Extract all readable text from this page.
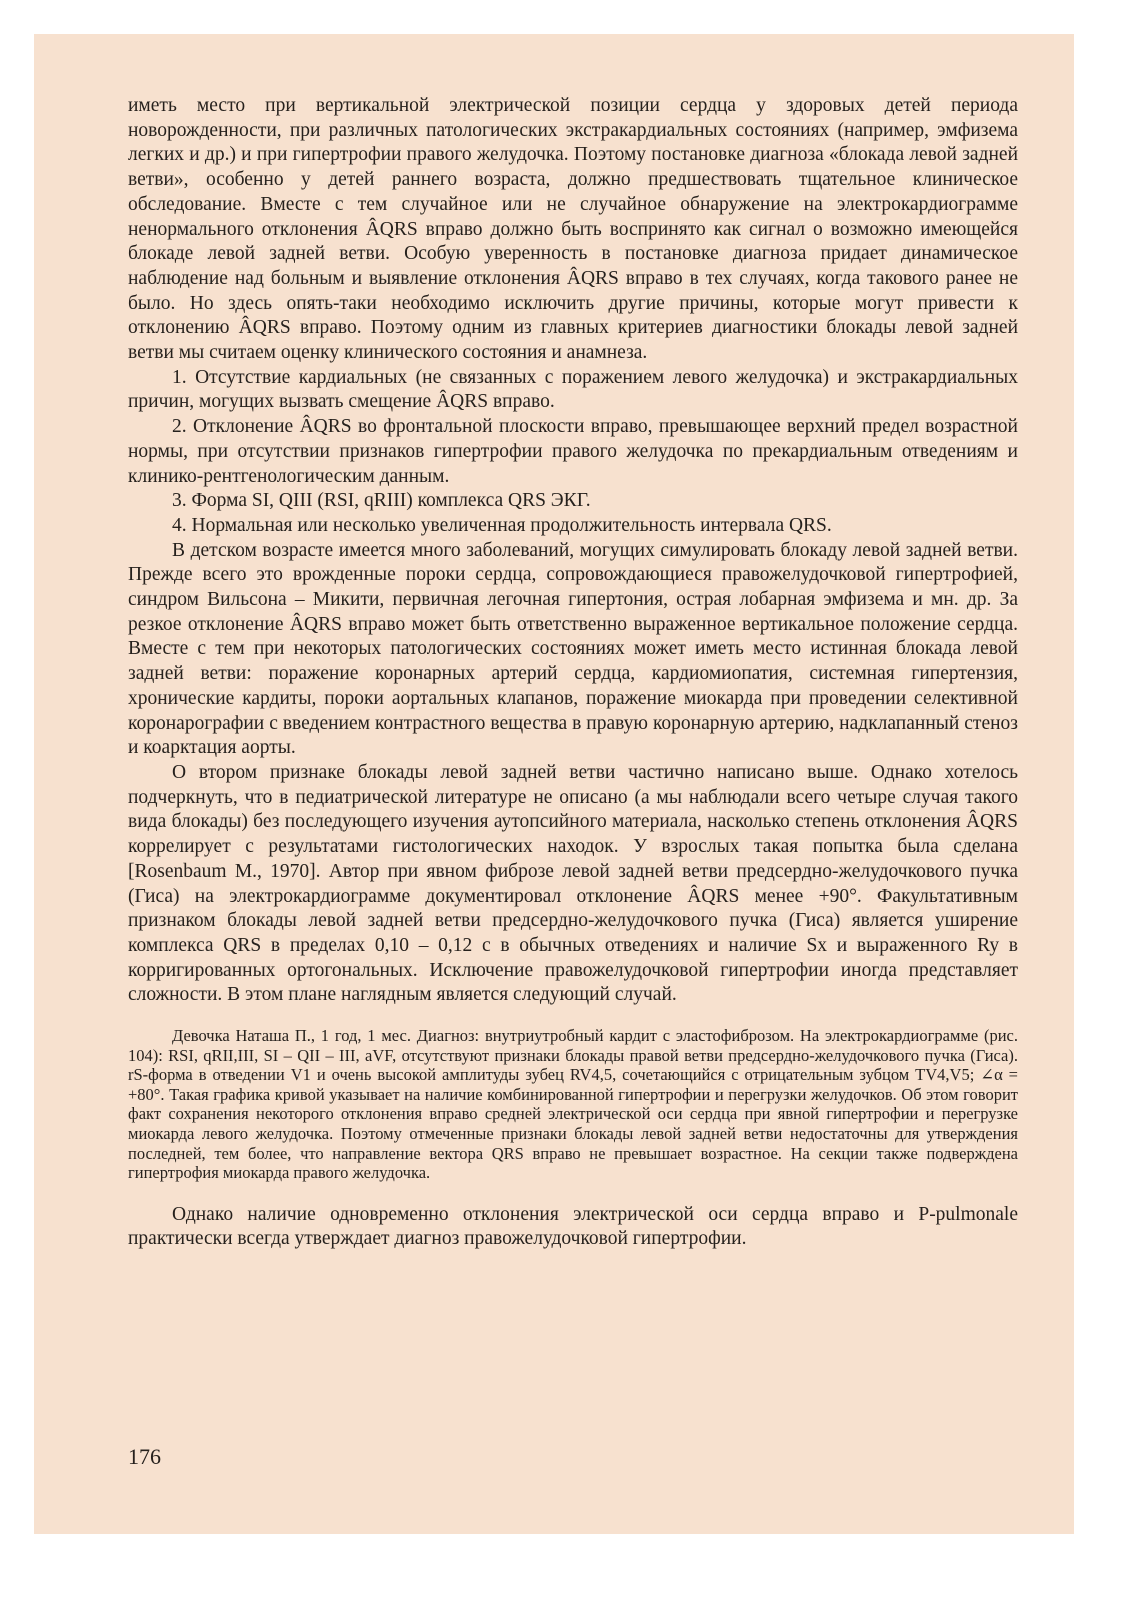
иметь место при вертикальной электрической позиции сердца у здоровых детей периода новорожденности, при различных патологических экстракардиальных состояниях (например, эмфизема легких и др.) и при гипертрофии правого желудочка. Поэтому постановке диагноза «блокада левой задней ветви», особенно у детей раннего возраста, должно предшествовать тщательное клиническое обследование. Вместе с тем случайное или не случайное обнаружение на электрокардиограмме ненормального отклонения ÂQRS вправо должно быть воспринято как сигнал о возможно имеющейся блокаде левой задней ветви. Особую уверенность в постановке диагноза придает динамическое наблюдение над больным и выявление отклонения ÂQRS вправо в тех случаях, когда такового ранее не было. Но здесь опять-таки необходимо исключить другие причины, которые могут привести к отклонению ÂQRS вправо. Поэтому одним из главных критериев диагностики блокады левой задней ветви мы считаем оценку клинического состояния и анамнеза.

1. Отсутствие кардиальных (не связанных с поражением левого желудочка) и экстракардиальных причин, могущих вызвать смещение ÂQRS вправо.

2. Отклонение ÂQRS во фронтальной плоскости вправо, превышающее верхний предел возрастной нормы, при отсутствии признаков гипертрофии правого желудочка по прекардиальным отведениям и клинико-рентгенологическим данным.

3. Форма SI, QIII (RSI, qRIII) комплекса QRS ЭКГ.

4. Нормальная или несколько увеличенная продолжительность интервала QRS.

В детском возрасте имеется много заболеваний, могущих симулировать блокаду левой задней ветви. Прежде всего это врожденные пороки сердца, сопровождающиеся правожелудочковой гипертрофией, синдром Вильсона – Микити, первичная легочная гипертония, острая лобарная эмфизема и мн. др. За резкое отклонение ÂQRS вправо может быть ответственно выраженное вертикальное положение сердца. Вместе с тем при некоторых патологических состояниях может иметь место истинная блокада левой задней ветви: поражение коронарных артерий сердца, кардиомиопатия, системная гипертензия, хронические кардиты, пороки аортальных клапанов, поражение миокарда при проведении селективной коронарографии с введением контрастного вещества в правую коронарную артерию, надклапанный стеноз и коарктация аорты.

О втором признаке блокады левой задней ветви частично написано выше. Однако хотелось подчеркнуть, что в педиатрической литературе не описано (а мы наблюдали всего четыре случая такого вида блокады) без последующего изучения аутопсийного материала, насколько степень отклонения ÂQRS коррелирует с результатами гистологических находок. У взрослых такая попытка была сделана [Rosenbaum M., 1970]. Автор при явном фиброзе левой задней ветви предсердно-желудочкового пучка (Гиса) на электрокардиограмме документировал отклонение ÂQRS менее +90°. Факультативным признаком блокады левой задней ветви предсердно-желудочкового пучка (Гиса) является уширение комплекса QRS в пределах 0,10 – 0,12 с в обычных отведениях и наличие Sx и выраженного Ry в корригированных ортогональных. Исключение правожелудочковой гипертрофии иногда представляет сложности. В этом плане наглядным является следующий случай.

Девочка Наташа П., 1 год, 1 мес. Диагноз: внутриутробный кардит с эластофиброзом. На электрокардиограмме (рис. 104): RSI, qRII,III, SI – QII – III, aVF, отсутствуют признаки блокады правой ветви предсердно-желудочкового пучка (Гиса). rS-форма в отведении V1 и очень высокой амплитуды зубец RV4,5, сочетающийся с отрицательным зубцом TV4,V5; ∠α = +80°. Такая графика кривой указывает на наличие комбинированной гипертрофии и перегрузки желудочков. Об этом говорит факт сохранения некоторого отклонения вправо средней электрической оси сердца при явной гипертрофии и перегрузке миокарда левого желудочка. Поэтому отмеченные признаки блокады левой задней ветви недостаточны для утверждения последней, тем более, что направление вектора QRS вправо не превышает возрастное. На секции также подверждена гипертрофия миокарда правого желудочка.

Однако наличие одновременно отклонения электрической оси сердца вправо и P-pulmonale практически всегда утверждает диагноз правожелудочковой гипертрофии.

176
